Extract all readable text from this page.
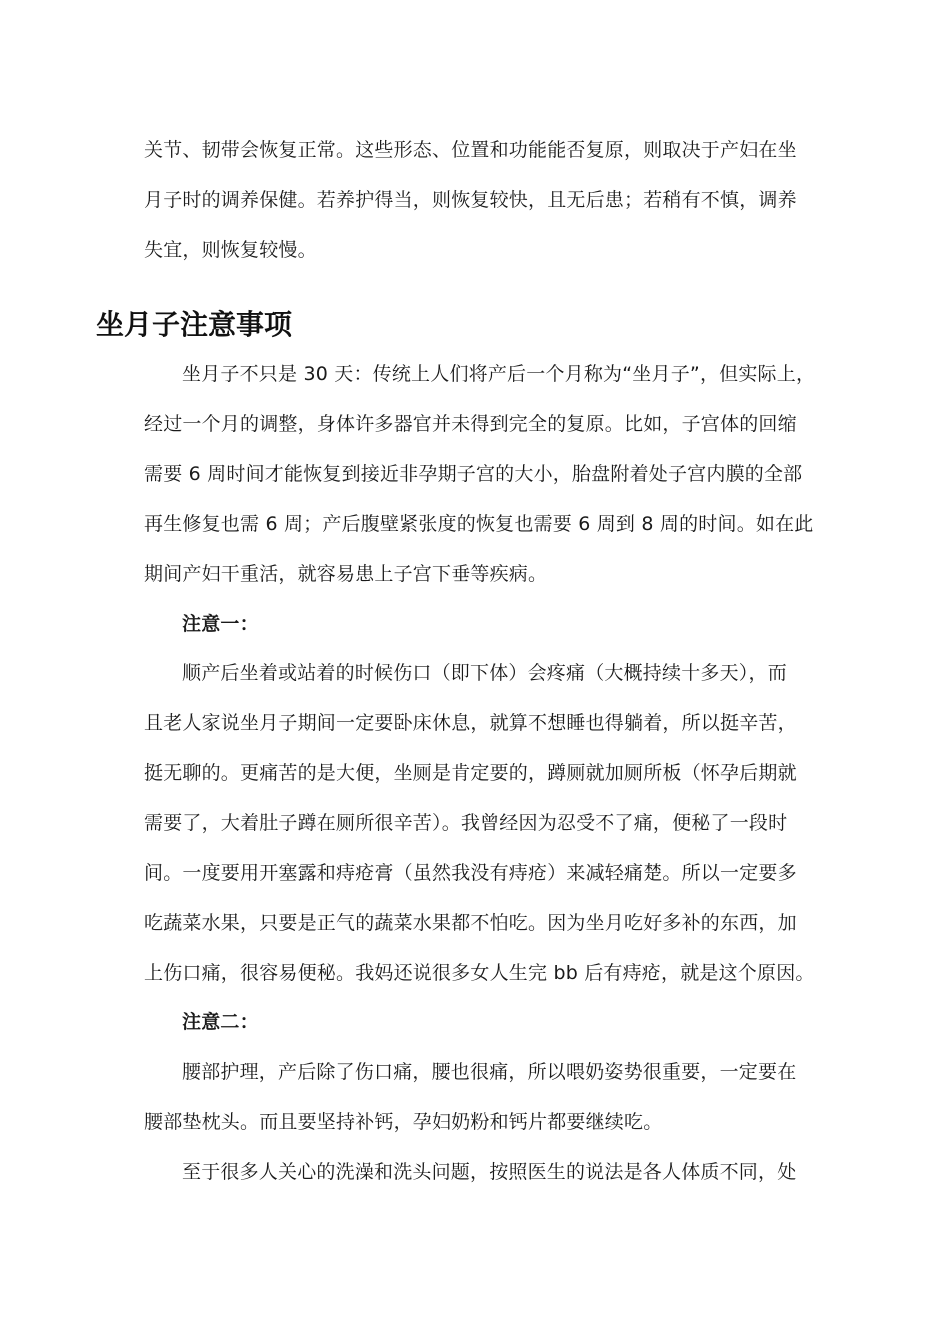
关节、韧带会恢复正常。这些形态、位置和功能能否复原，则取决于产妇在坐
月子时的调养保健。若养护得当，则恢复较快，且无后患；若稍有不慎，调养
失宜，则恢复较慢。
坐月子注意事项
坐月子不只是 30 天：传统上人们将产后一个月称为“坐月子”，但实际上，
经过一个月的调整，身体许多器官并未得到完全的复原。比如，子宫体的回缩
需要 6 周时间才能恢复到接近非孕期子宫的大小，胎盘附着处子宫内膜的全部
再生修复也需 6 周；产后腹壁紧张度的恢复也需要 6 周到 8 周的时间。如在此
期间产妇干重活，就容易患上子宫下垂等疾病。
注意一：
顺产后坐着或站着的时候伤口（即下体）会疼痛（大概持续十多天），而
且老人家说坐月子期间一定要卧床休息，就算不想睡也得躺着，所以挺辛苦，
挺无聊的。更痛苦的是大便，坐厕是肯定要的，蹲厕就加厕所板（怀孕后期就
需要了，大着肚子蹲在厕所很辛苦）。我曾经因为忍受不了痛，便秘了一段时
间。一度要用开塞露和痔疮膏（虽然我没有痔疮）来减轻痛楚。所以一定要多
吃蔬菜水果，只要是正气的蔬菜水果都不怕吃。因为坐月吃好多补的东西，加
上伤口痛，很容易便秘。我妈还说很多女人生完 bb 后有痔疮，就是这个原因。
注意二：
腰部护理，产后除了伤口痛，腰也很痛，所以喂奶姿势很重要，一定要在
腰部垫枕头。而且要坚持补钙，孕妇奶粉和钙片都要继续吃。
至于很多人关心的洗澡和洗头问题，按照医生的说法是各人体质不同，处
